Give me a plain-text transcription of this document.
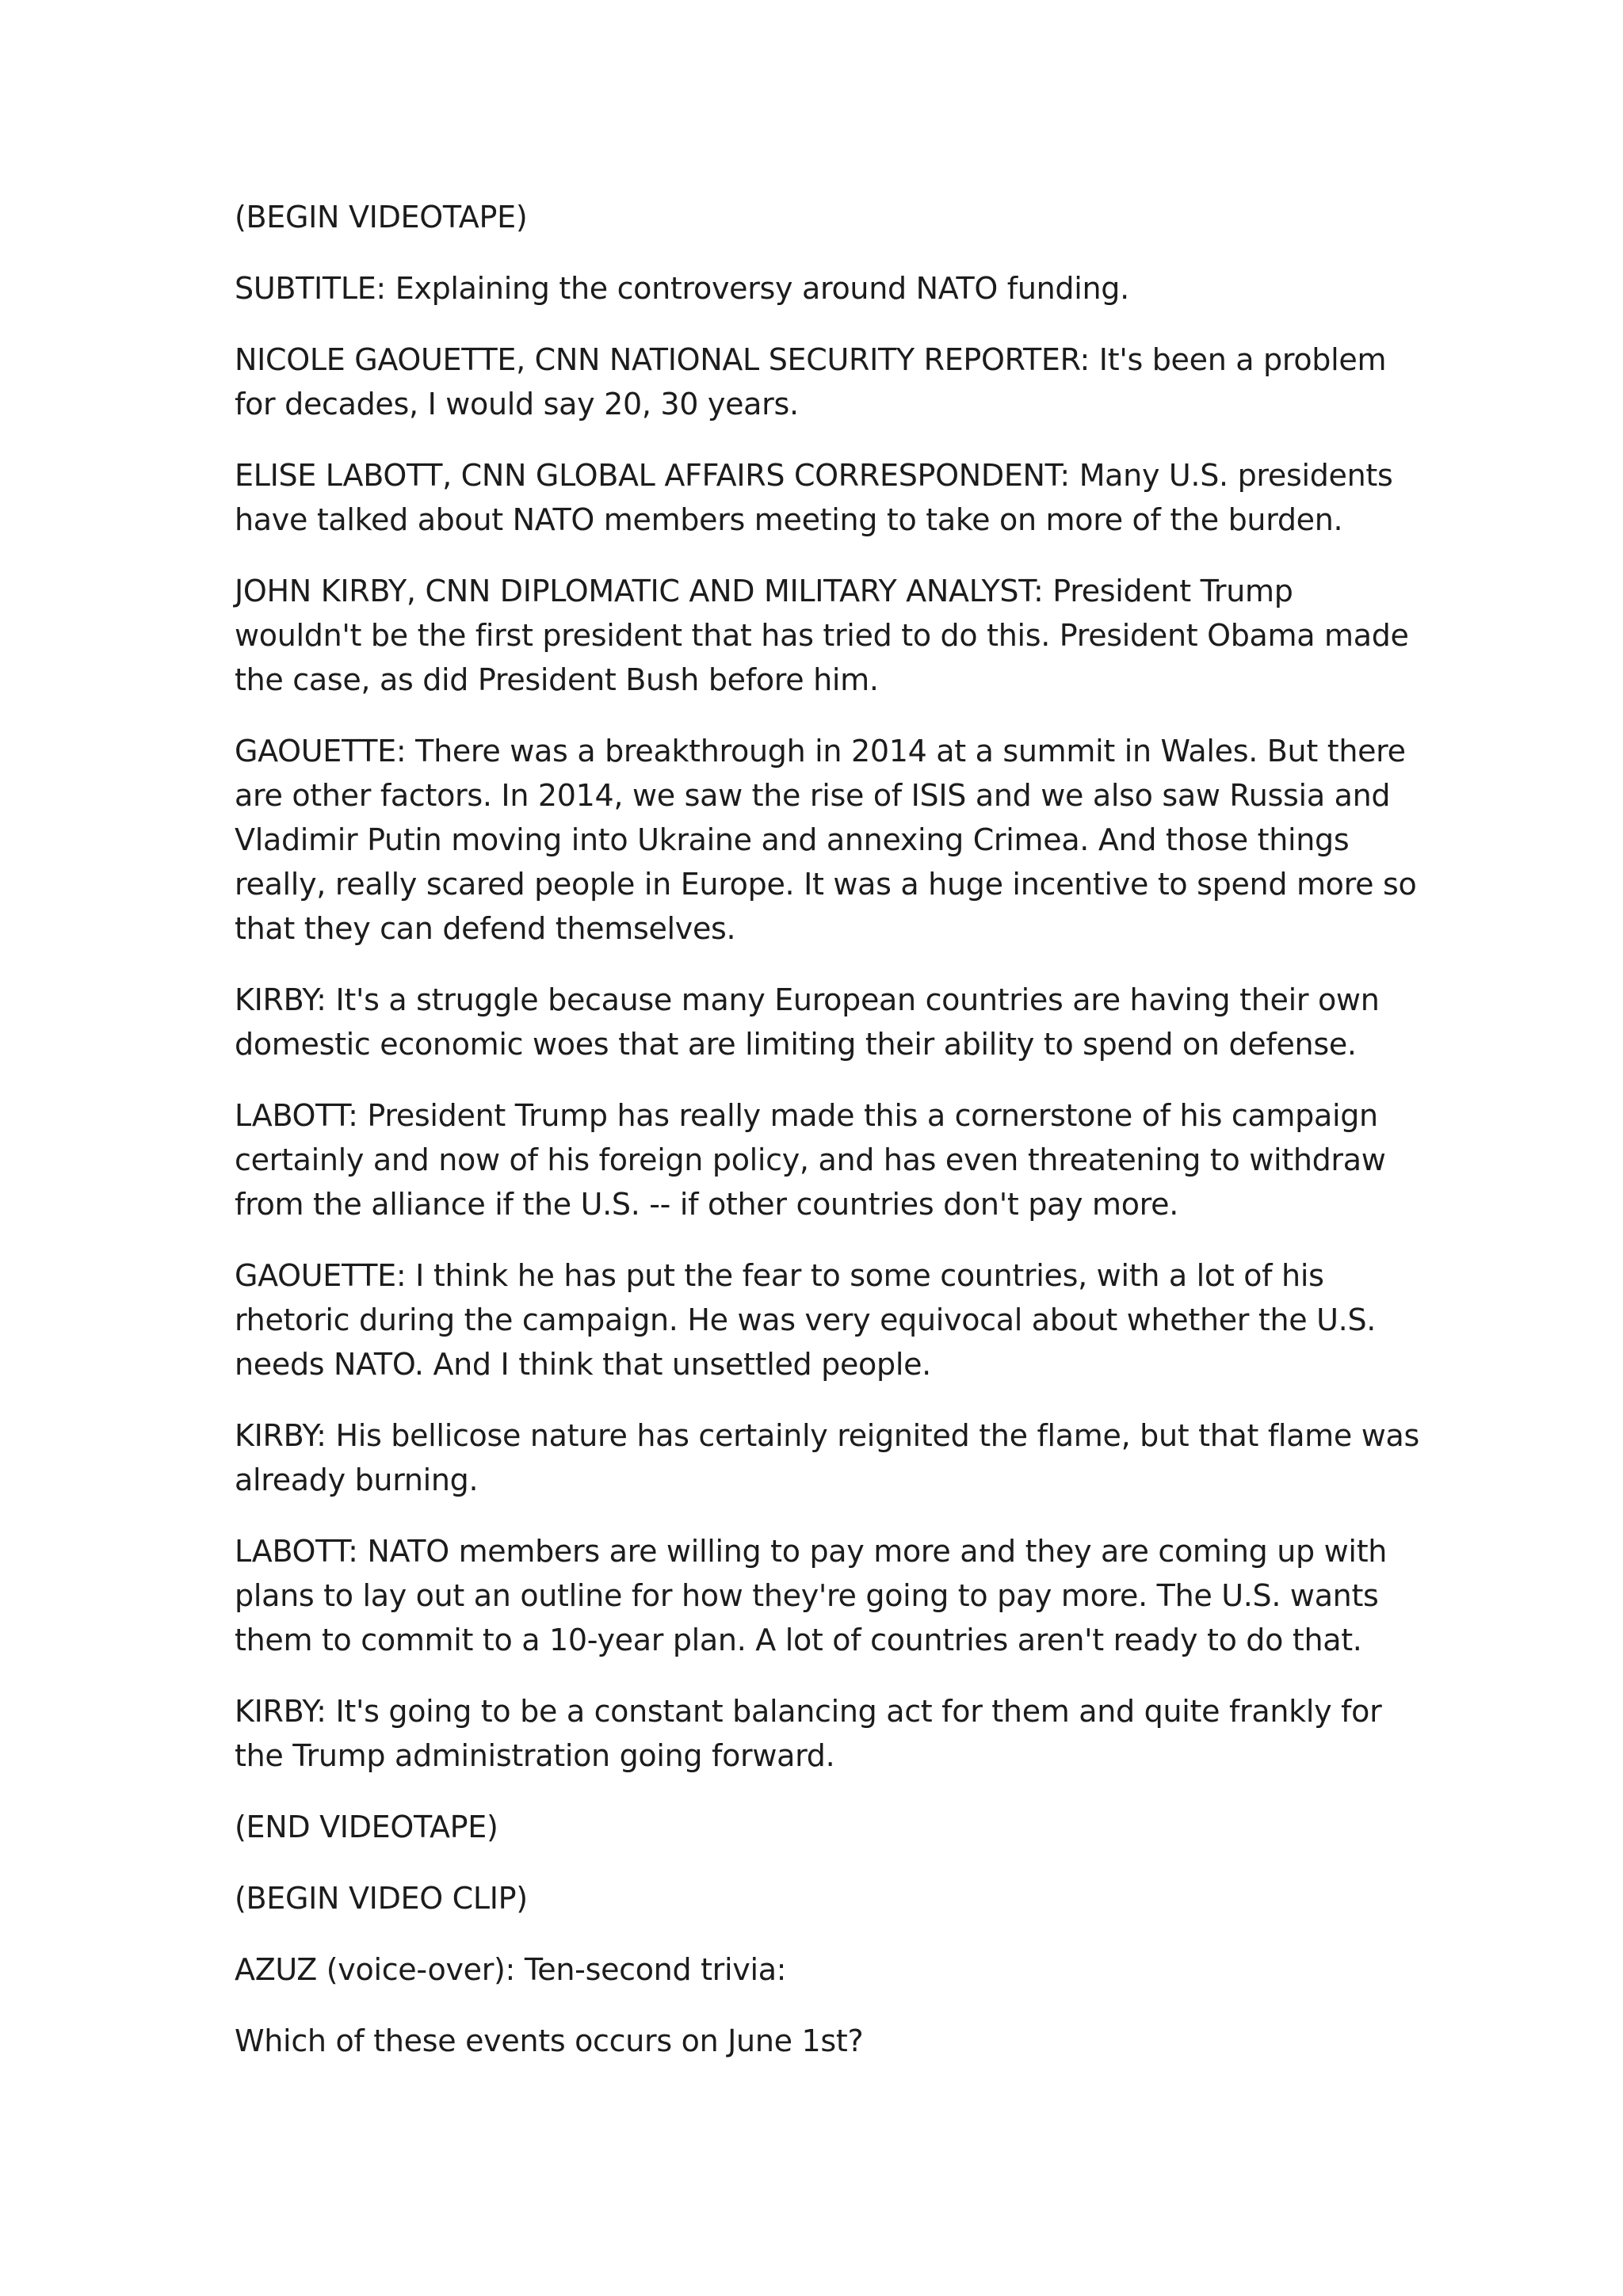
(BEGIN VIDEOTAPE)

SUBTITLE: Explaining the controversy around NATO funding.

NICOLE GAOUETTE, CNN NATIONAL SECURITY REPORTER: It's been a problem for decades, I would say 20, 30 years.

ELISE LABOTT, CNN GLOBAL AFFAIRS CORRESPONDENT: Many U.S. presidents have talked about NATO members meeting to take on more of the burden.

JOHN KIRBY, CNN DIPLOMATIC AND MILITARY ANALYST: President Trump wouldn't be the first president that has tried to do this. President Obama made the case, as did President Bush before him.

GAOUETTE: There was a breakthrough in 2014 at a summit in Wales. But there are other factors. In 2014, we saw the rise of ISIS and we also saw Russia and Vladimir Putin moving into Ukraine and annexing Crimea. And those things really, really scared people in Europe. It was a huge incentive to spend more so that they can defend themselves.

KIRBY: It's a struggle because many European countries are having their own domestic economic woes that are limiting their ability to spend on defense.

LABOTT: President Trump has really made this a cornerstone of his campaign certainly and now of his foreign policy, and has even threatening to withdraw from the alliance if the U.S. -- if other countries don't pay more.

GAOUETTE: I think he has put the fear to some countries, with a lot of his rhetoric during the campaign. He was very equivocal about whether the U.S. needs NATO. And I think that unsettled people.

KIRBY: His bellicose nature has certainly reignited the flame, but that flame was already burning.

LABOTT: NATO members are willing to pay more and they are coming up with plans to lay out an outline for how they're going to pay more. The U.S. wants them to commit to a 10-year plan. A lot of countries aren't ready to do that.

KIRBY: It's going to be a constant balancing act for them and quite frankly for the Trump administration going forward.

(END VIDEOTAPE)

(BEGIN VIDEO CLIP)

AZUZ (voice-over): Ten-second trivia:

Which of these events occurs on June 1st?
